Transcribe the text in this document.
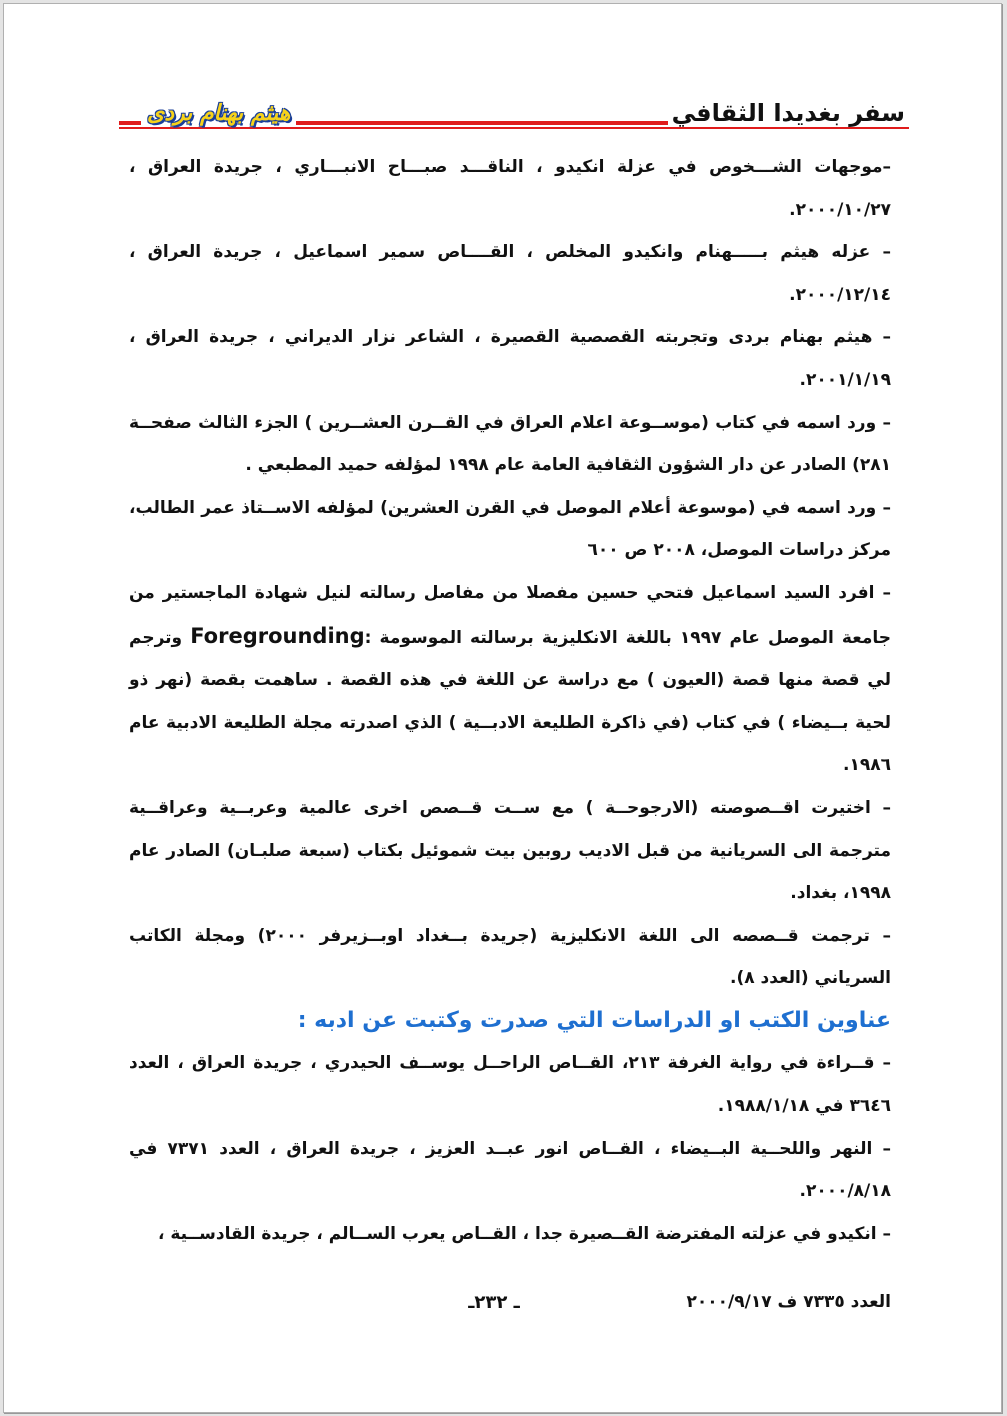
هيثم بهنام بردى	سفر بغديدا الثقافي

–موجهات الشـــخوص في عزلة انكيدو ، الناقـــد صبـــاح الانبـــاري ، جريدة العراق ، ٢٠٠٠/١٠/٢٧.

– عزله هيثم بـــــهنام وانكيدو المخلص ، القــــاص سمير اسماعيل ، جريدة العراق ، ٢٠٠٠/١٢/١٤.

– هيثم بهنام بردى وتجربته القصصية القصيرة ، الشاعر نزار الديراني ، جريدة العراق ، ٢٠٠١/١/١٩.

– ورد اسمه في كتاب (موســوعة اعلام العراق في القــرن العشــرين ) الجزء الثالث صفحــة ٢٨١) الصادر عن دار الشؤون الثقافية العامة عام ١٩٩٨ لمؤلفه حميد المطبعي .

– ورد اسمه في (موسوعة أعلام الموصل في القرن العشرين) لمؤلفه الاســتاذ عمر الطالب، مركز دراسات الموصل، ٢٠٠٨ ص ٦٠٠

– افرد السيد اسماعيل فتحي حسين مفصلا من مفاصل رسالته لنيل شهادة الماجستير من جامعة الموصل عام ١٩٩٧ باللغة الانكليزية برسالته الموسومة :Foregrounding وترجم لي قصة منها قصة (العيون ) مع دراسة عن اللغة في هذه القصة . ساهمت بقصة (نهر ذو لحية بــيضاء ) في كتاب (في ذاكرة الطليعة الادبــية ) الذي اصدرته مجلة الطليعة الادبية عام ١٩٨٦.

– اختيرت اقــصوصته (الارجوحــة ) مع ســت قــصص اخرى عالمية وعربــية وعراقــية مترجمة الى السريانية من قبل الاديب روبين بيت شموئيل بكتاب (سبعة صلبـان) الصادر عام ١٩٩٨، بغداد.

– ترجمت قــصصه الى اللغة الانكليزية (جريدة بــغداد اوبــزيرفر ٢٠٠٠) ومجلة الكاتب السرياني (العدد ٨).

عناوين الكتب او الدراسات التي صدرت وكتبت عن ادبه :

– قــراءة في رواية الغرفة ٢١٣، القــاص الراحــل يوســف الحيدري ، جريدة العراق ، العدد ٣٦٤٦ في ١٩٨٨/١/١٨.

– النهر واللحــية البــيضاء ، القــاص انور عبــد العزيز ، جريدة العراق ، العدد ٧٣٧١ في ٢٠٠٠/٨/١٨.

– انكيدو في عزلته المفترضة القــصيرة جدا ، القــاص يعرب الســالم ، جريدة القادســية ،

العدد ٧٣٣٥ ف ٢٠٠٠/٩/١٧
ـ ٢٣٢ـ
